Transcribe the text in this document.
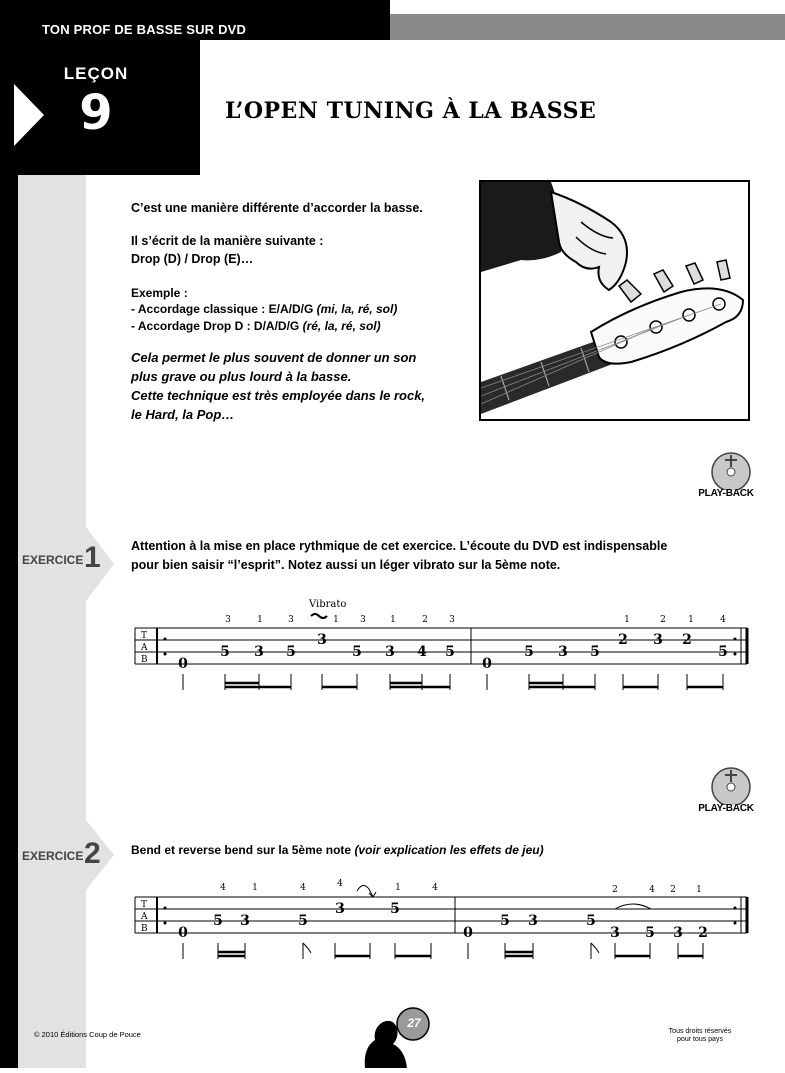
TON PROF DE BASSE SUR DVD
LEÇON
9	L’OPEN TUNING À LA BASSE
C’est une manière différente d’accorder la basse.
Il s’écrit de la manière suivante :
Drop (D) / Drop (E)…
Exemple :
- Accordage classique : E/A/D/G (mi, la, ré, sol)
- Accordage Drop D : D/A/D/G (ré, la, ré, sol)
Cela permet le plus souvent de donner un son
plus grave ou plus lourd à la basse.
Cette technique est très employée dans le rock,
le Hard, la Pop…
PLAY-BACK
EXERCICE 1 Attention à la mise en place rythmique de cet exercice. L’écoute du DVD est indispensable
pour bien saisir “l’esprit”. Notez aussi un léger vibrato sur la 5ème note.
T
A
B
Vibrato
3	1	3	1 3	1	2 3	1	2 1	4
0
5 3 5
3
5 3 4 5
0
5 3 5
2 3 2
5
PLAY-BACK
EXERCICE 2	Bend et reverse bend sur la 5ème note (voir explication les effets de jeu)
T
A
B
4	1	4	4	1	4	2	4 2 1
0
5 3	5
3	5
0
5 3	5
3 5 3 2
© 2010 Éditions Coup de Pouce	Tous droits réservés
pour tous pays
27
